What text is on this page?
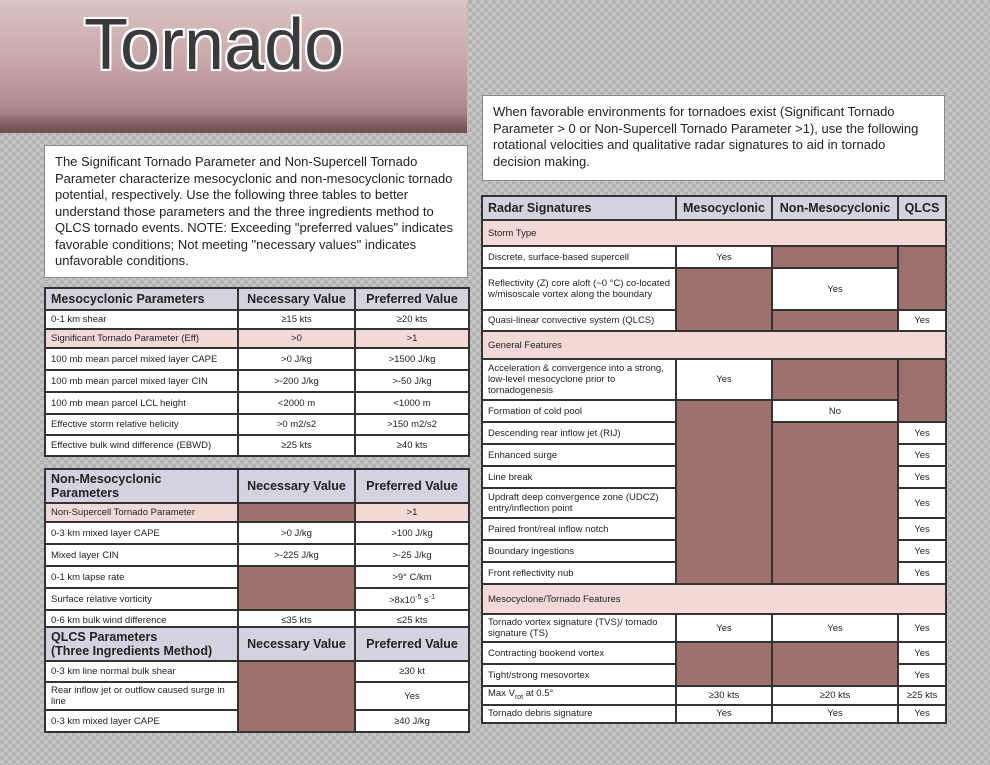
Tornado
The Significant Tornado Parameter and Non-Supercell Tornado Parameter characterize mesocyclonic and non-mesocyclonic tornado potential, respectively. Use the following three tables to better understand those parameters and the three ingredients method to QLCS tornado events. NOTE: Exceeding "preferred values" indicates favorable conditions; Not meeting "necessary values" indicates unfavorable conditions.
When favorable environments for tornadoes exist (Significant Tornado Parameter > 0 or Non-Supercell Tornado Parameter >1), use the following rotational velocities and qualitative radar signatures to aid in tornado decision making.
Mesocyclonic Parameters	Necessary Value	Preferred Value
0-1 km shear	≥15 kts	≥20 kts
Significant Tornado Parameter (Eff)	>0	>1
100 mb mean parcel mixed layer CAPE	>0 J/kg	>1500 J/kg
100 mb mean parcel mixed layer CIN	>-200 J/kg	>-50 J/kg
100 mb mean parcel LCL height	<2000 m	<1000 m
Effective storm relative helicity	>0 m2/s2	>150 m2/s2
Effective bulk wind difference (EBWD)	≥25 kts	≥40 kts
Non-Mesocyclonic Parameters	Necessary Value	Preferred Value
Non-Supercell Tornado Parameter		>1
0-3 km mixed layer CAPE	>0 J/kg	>100 J/kg
Mixed layer CIN	>-225 J/kg	>-25 J/kg
0-1 km lapse rate		>9° C/km
Surface relative vorticity		$>8x10^{-5}$ $s^{-1}$
0-6 km bulk wind difference	≤35 kts	≤25 kts
QLCS Parameters
(Three Ingredients Method)	Necessary Value	Preferred Value
0-3 km line normal bulk shear		≥30 kt
Rear inflow jet or outflow caused surge in line		Yes
0-3 km mixed layer CAPE		≥40 J/kg
Radar Signatures	Mesocyclonic	Non-Mesocyclonic	QLCS
Storm Type			
Discrete, surface-based supercell	Yes		
Reflectivity (Z) core aloft (~0 °C) co-located w/misoscale vortex along the boundary		Yes	
Quasi-linear convective system (QLCS)			Yes
General Features			
Acceleration & convergence into a strong, low-level mesocyclone prior to tornadogenesis	Yes		
Formation of cold pool		No	
Descending rear inflow jet (RIJ)			Yes
Enhanced surge			Yes
Line break			Yes
Updraft deep convergence zone (UDCZ) entry/inflection point			Yes
Paired front/real inflow notch			Yes
Boundary ingestions			Yes
Front reflectivity nub			Yes
Mesocyclone/Tornado Features			
Tornado vortex signature (TVS)/ tornado signature (TS)	Yes	Yes	Yes
Contracting bookend vortex			Yes
Tight/strong mesovortex			Yes
Max $V_{rot}$ at 0.5°	≥30 kts	≥20 kts	≥25 kts
Tornado debris signature	Yes	Yes	Yes
